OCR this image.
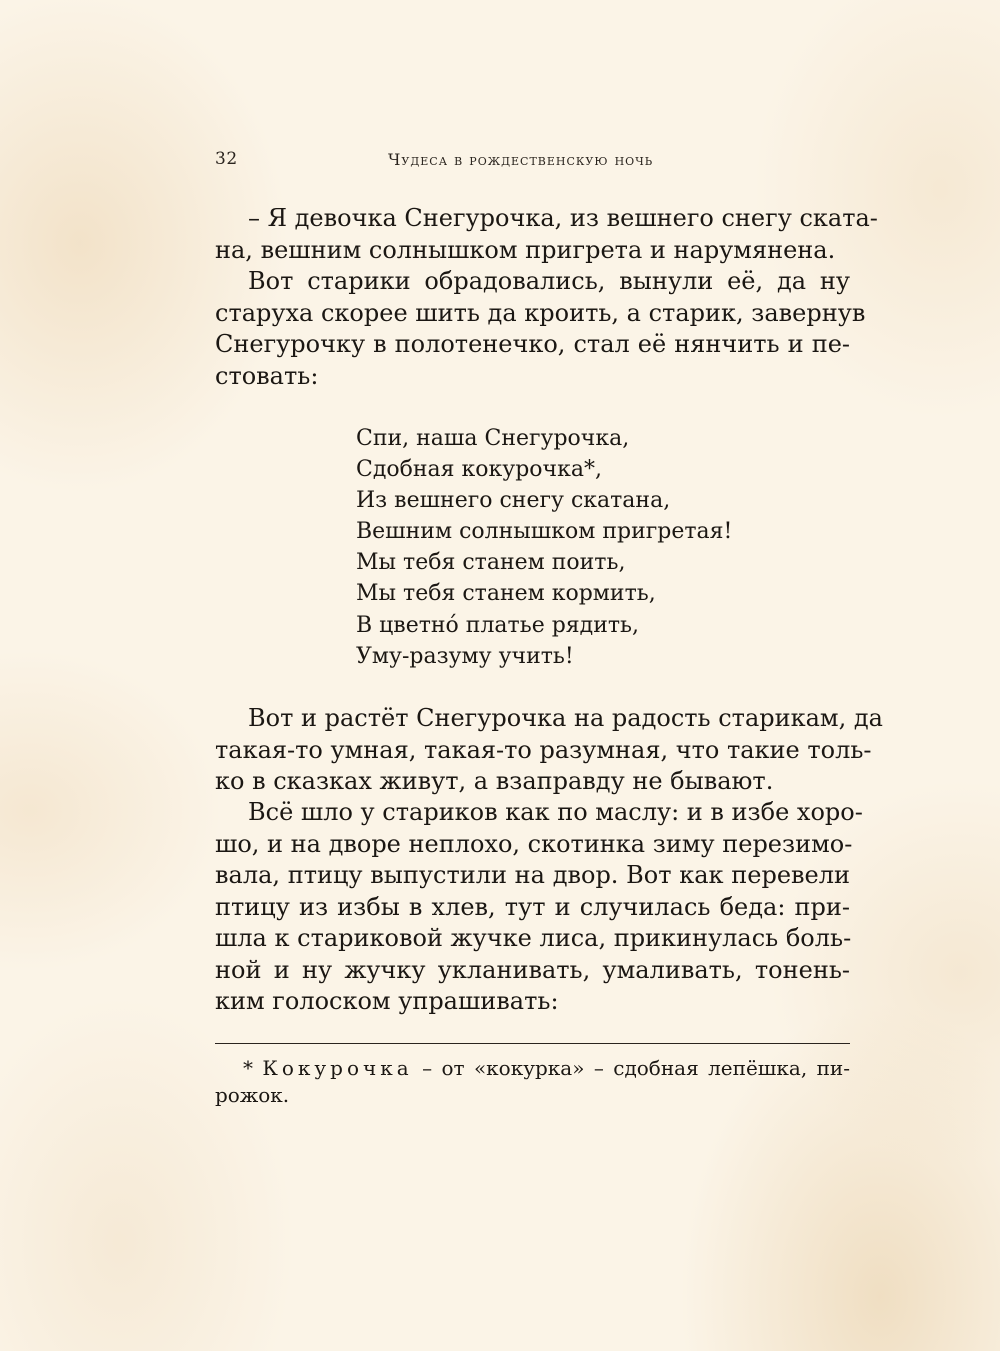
32	Чудеса в рождественскую ночь

– Я девочка Снегурочка, из вешнего снегу ската-
на, вешним солнышком пригрета и нарумянена.

Вот старики обрадовались, вынули её, да ну
старуха скорее шить да кроить, а старик, завернув
Снегурочку в полотенечко, стал её нянчить и пе-
стовать:

Спи, наша Снегурочка,
Сдобная кокурочка*,
Из вешнего снегу скатана,
Вешним солнышком пригретая!
Мы тебя станем поить,
Мы тебя станем кормить,
В цветно́ платье рядить,
Уму-разуму учить!

Вот и растёт Снегурочка на радость старикам, да
такая-то умная, такая-то разумная, что такие толь-
ко в сказках живут, а взаправду не бывают.

Всё шло у стариков как по маслу: и в избе хоро-
шо, и на дворе неплохо, скотинка зиму перезимо-
вала, птицу выпустили на двор. Вот как перевели
птицу из избы в хлев, тут и случилась беда: при-
шла к стариковой жучке лиса, прикинулась боль-
ной и ну жучку укланивать, умаливать, тонень-
ким голоском упрашивать:

* Кокурочка – от «кокурка» – сдобная лепёшка, пи-
рожок.
